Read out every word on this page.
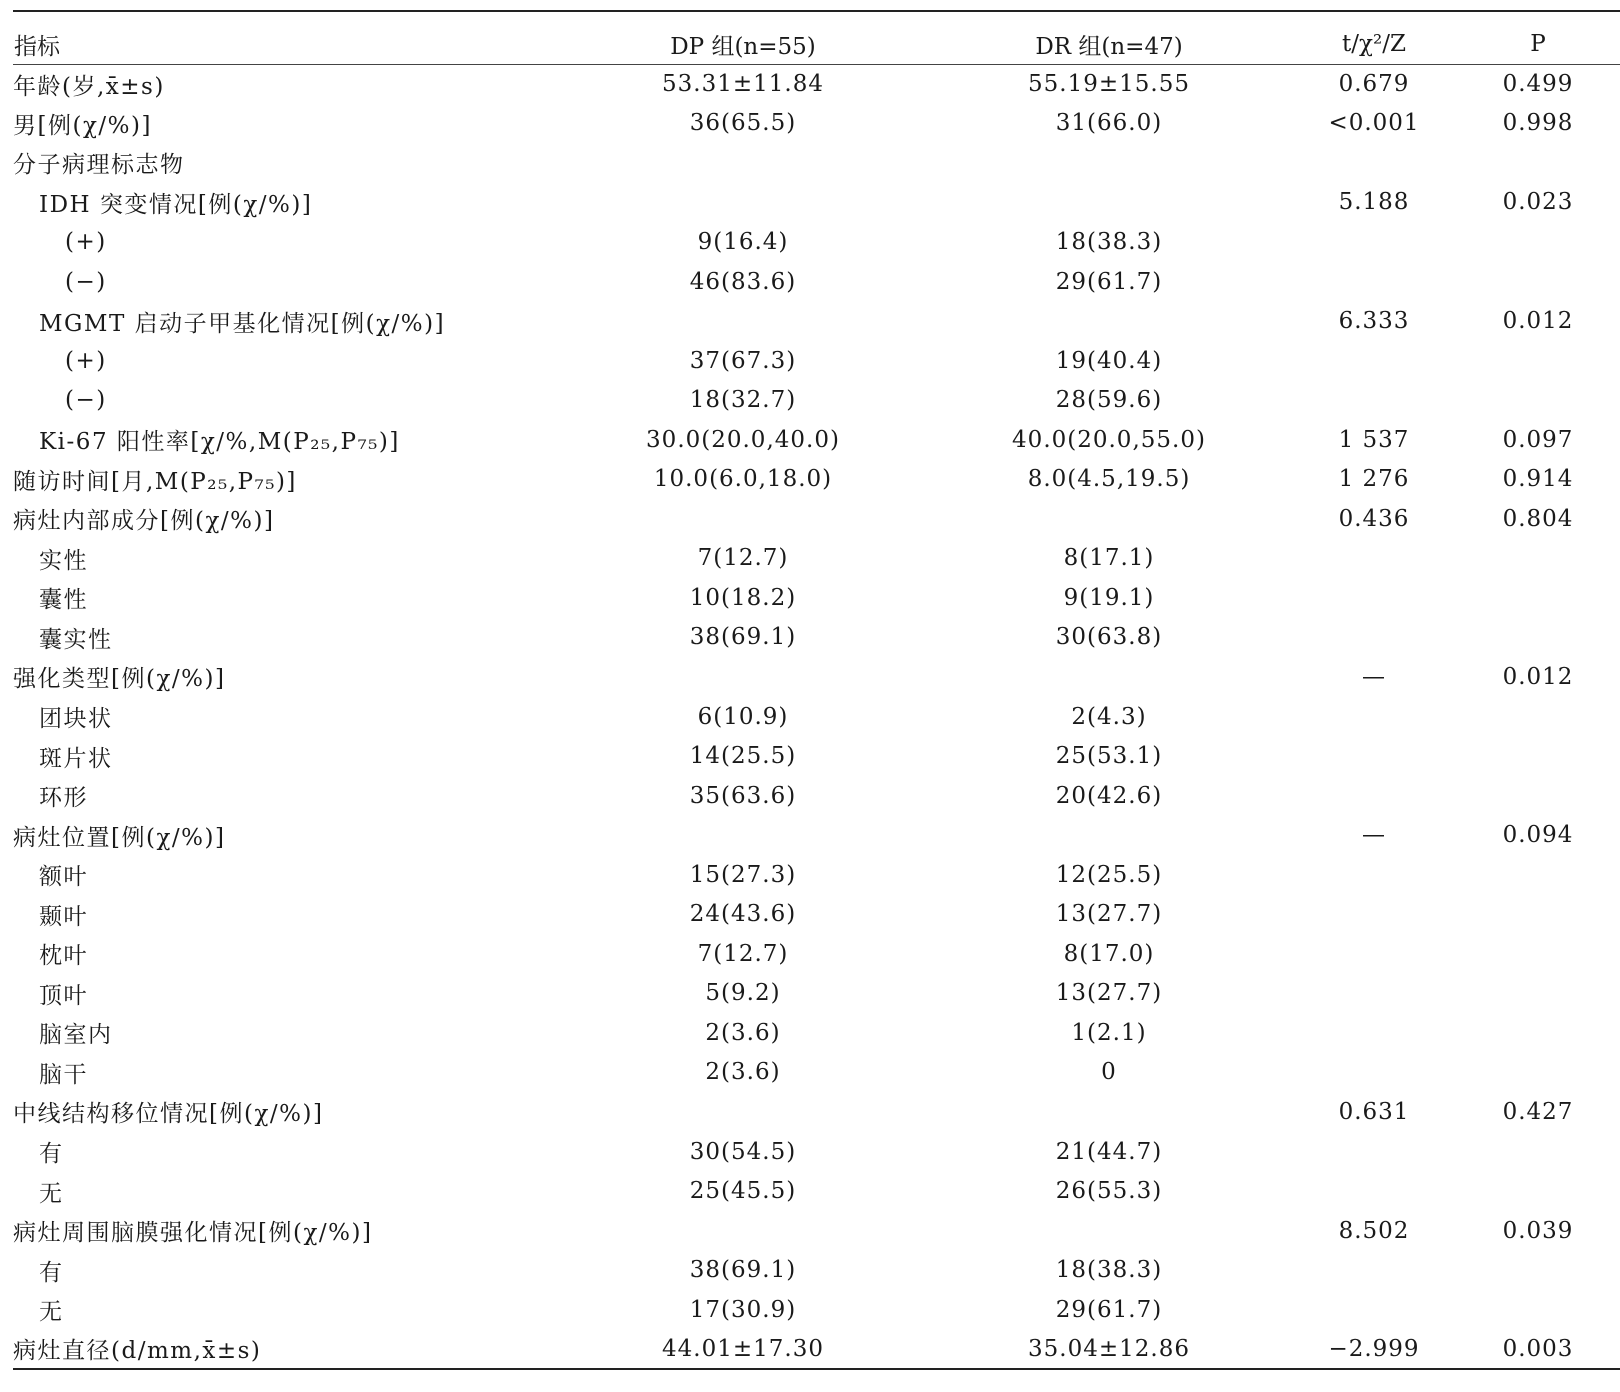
指标	DP 组(n=55)	DR 组(n=47)	t/χ²/Z	P
年龄(岁,x̄±s)	53.31±11.84	55.19±15.55	0.679	0.499
男[例(χ/%)]	36(65.5)	31(66.0)	<0.001	0.998
分子病理标志物				
IDH 突变情况[例(χ/%)]			5.188	0.023
(+)	9(16.4)	18(38.3)		
(−)	46(83.6)	29(61.7)		
MGMT 启动子甲基化情况[例(χ/%)]			6.333	0.012
(+)	37(67.3)	19(40.4)		
(−)	18(32.7)	28(59.6)		
Ki-67 阳性率[χ/%,M(P₂₅,P₇₅)]	30.0(20.0,40.0)	40.0(20.0,55.0)	1 537	0.097
随访时间[月,M(P₂₅,P₇₅)]	10.0(6.0,18.0)	8.0(4.5,19.5)	1 276	0.914
病灶内部成分[例(χ/%)]			0.436	0.804
实性	7(12.7)	8(17.1)		
囊性	10(18.2)	9(19.1)		
囊实性	38(69.1)	30(63.8)		
强化类型[例(χ/%)]			—	0.012
团块状	6(10.9)	2(4.3)		
斑片状	14(25.5)	25(53.1)		
环形	35(63.6)	20(42.6)		
病灶位置[例(χ/%)]			—	0.094
额叶	15(27.3)	12(25.5)		
颞叶	24(43.6)	13(27.7)		
枕叶	7(12.7)	8(17.0)		
顶叶	5(9.2)	13(27.7)		
脑室内	2(3.6)	1(2.1)		
脑干	2(3.6)	0		
中线结构移位情况[例(χ/%)]			0.631	0.427
有	30(54.5)	21(44.7)		
无	25(45.5)	26(55.3)		
病灶周围脑膜强化情况[例(χ/%)]			8.502	0.039
有	38(69.1)	18(38.3)		
无	17(30.9)	29(61.7)		
病灶直径(d/mm,x̄±s)	44.01±17.30	35.04±12.86	−2.999	0.003
